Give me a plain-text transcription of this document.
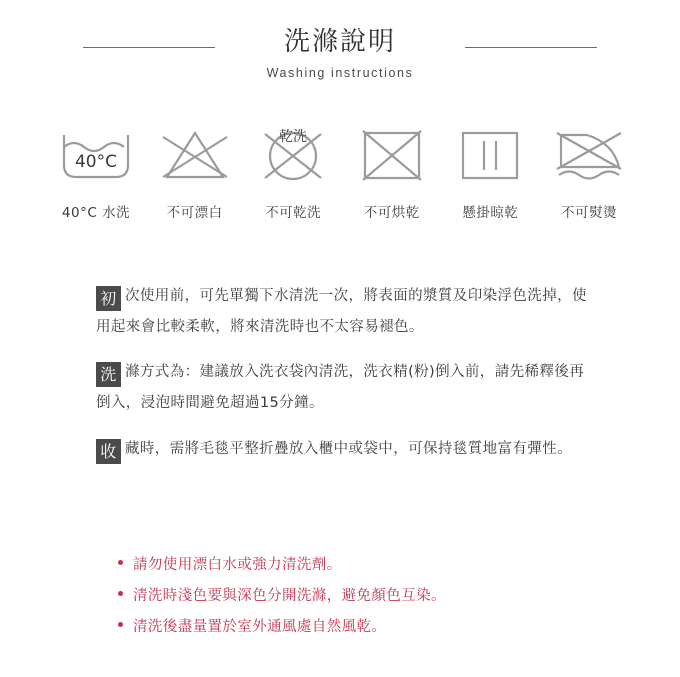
洗滌說明
Washing instructions
40°C
40°C 水洗	不可漂白
乾洗
不可乾洗	不可烘乾	懸掛晾乾	不可熨燙

初 次使用前，可先單獨下水清洗一次，將表面的漿質及印染浮色洗掉，使用起來會比較柔軟，將來清洗時也不太容易褪色。

洗 滌方式為：建議放入洗衣袋內清洗，洗衣精(粉)倒入前，請先稀釋後再倒入，浸泡時間避免超過15分鐘。

收 藏時，需將毛毯平整折疊放入櫃中或袋中，可保持毯質地富有彈性。

請勿使用漂白水或強力清洗劑。
清洗時淺色要與深色分開洗滌，避免顏色互染。
清洗後盡量置於室外通風處自然風乾。
